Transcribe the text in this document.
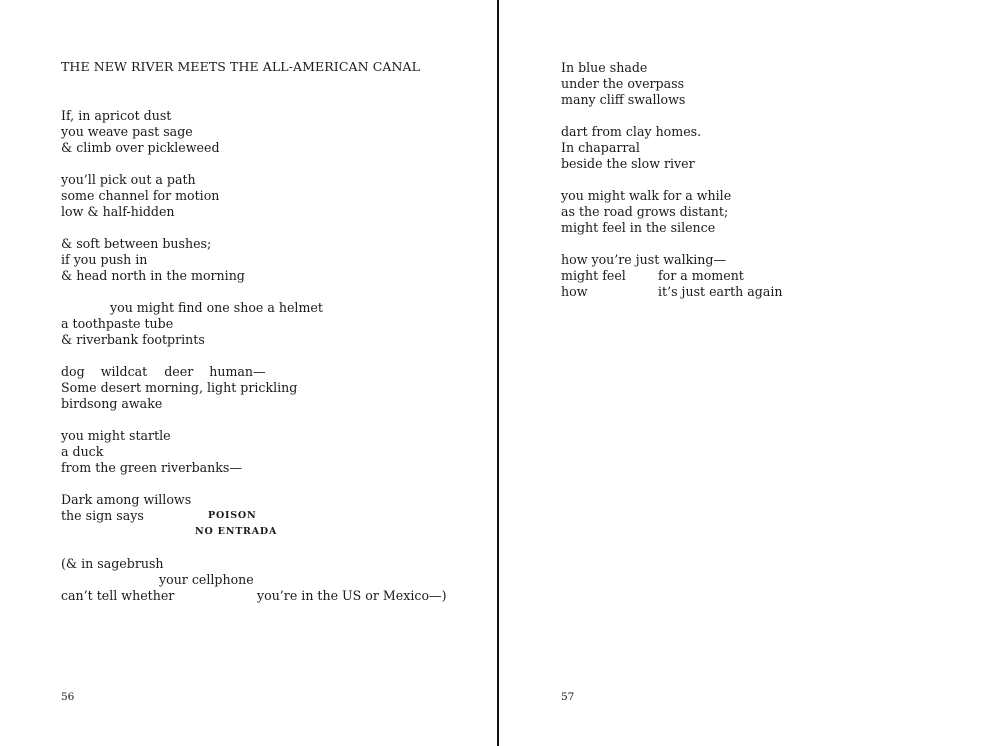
THE NEW RIVER MEETS THE ALL-AMERICAN CANAL
If, in apricot dust
you weave past sage
& climb over pickleweed
you’ll pick out a path
some channel for motion
low & half-hidden
& soft between bushes;
if you push in
& head north in the morning
you might find one shoe a helmet
a toothpaste tube
& riverbank footprints
dog wildcat deer human—
Some desert morning, light prickling
birdsong awake
you might startle
a duck
from the green riverbanks—
Dark among willows
the sign says	POISON
NO ENTRADA
(& in sagebrush
your cellphone
can’t tell whether	you’re in the US or Mexico—)
56
In blue shade
under the overpass
many cliff swallows
dart from clay homes.
In chaparral
beside the slow river
you might walk for a while
as the road grows distant;
might feel in the silence
how you’re just walking—
might feel	for a moment
how	it’s just earth again
57
